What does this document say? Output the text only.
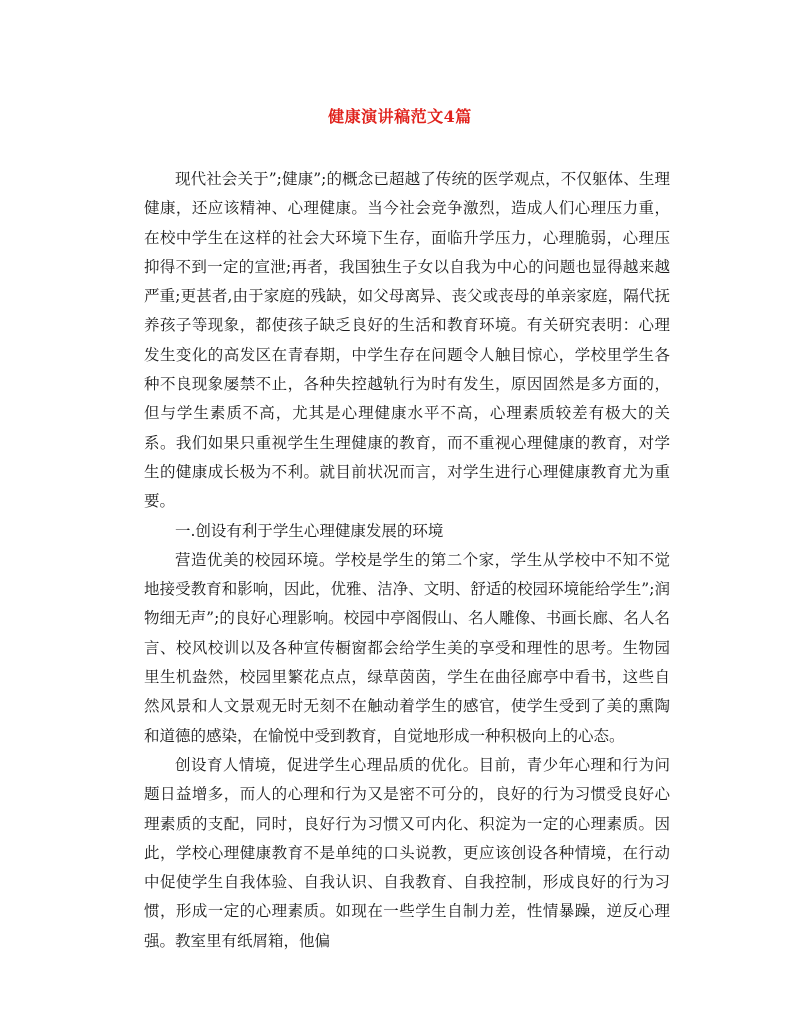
健康演讲稿范文4篇

现代社会关于”;健康”;的概念已超越了传统的医学观点，不仅躯体、生理健康，还应该精神、心理健康。当今社会竞争激烈，造成人们心理压力重，在校中学生在这样的社会大环境下生存，面临升学压力，心理脆弱，心理压抑得不到一定的宣泄;再者，我国独生子女以自我为中心的问题也显得越来越严重;更甚者,由于家庭的残缺，如父母离异、丧父或丧母的单亲家庭，隔代抚养孩子等现象，都使孩子缺乏良好的生活和教育环境。有关研究表明：心理发生变化的高发区在青春期，中学生存在问题令人触目惊心，学校里学生各种不良现象屡禁不止，各种失控越轨行为时有发生，原因固然是多方面的，但与学生素质不高，尤其是心理健康水平不高，心理素质较差有极大的关系。我们如果只重视学生生理健康的教育，而不重视心理健康的教育，对学生的健康成长极为不利。就目前状况而言，对学生进行心理健康教育尤为重要。

一.创设有利于学生心理健康发展的环境

营造优美的校园环境。学校是学生的第二个家，学生从学校中不知不觉地接受教育和影响，因此，优雅、洁净、文明、舒适的校园环境能给学生”;润物细无声”;的良好心理影响。校园中亭阁假山、名人雕像、书画长廊、名人名言、校风校训以及各种宣传橱窗都会给学生美的享受和理性的思考。生物园里生机盎然，校园里繁花点点，绿草茵茵，学生在曲径廊亭中看书，这些自然风景和人文景观无时无刻不在触动着学生的感官，使学生受到了美的熏陶和道德的感染，在愉悦中受到教育，自觉地形成一种积极向上的心态。

创设育人情境，促进学生心理品质的优化。目前，青少年心理和行为问题日益增多，而人的心理和行为又是密不可分的，良好的行为习惯受良好心理素质的支配，同时，良好行为习惯又可内化、积淀为一定的心理素质。因此，学校心理健康教育不是单纯的口头说教，更应该创设各种情境，在行动中促使学生自我体验、自我认识、自我教育、自我控制，形成良好的行为习惯，形成一定的心理素质。如现在一些学生自制力差，性情暴躁，逆反心理强。教室里有纸屑箱，他偏
